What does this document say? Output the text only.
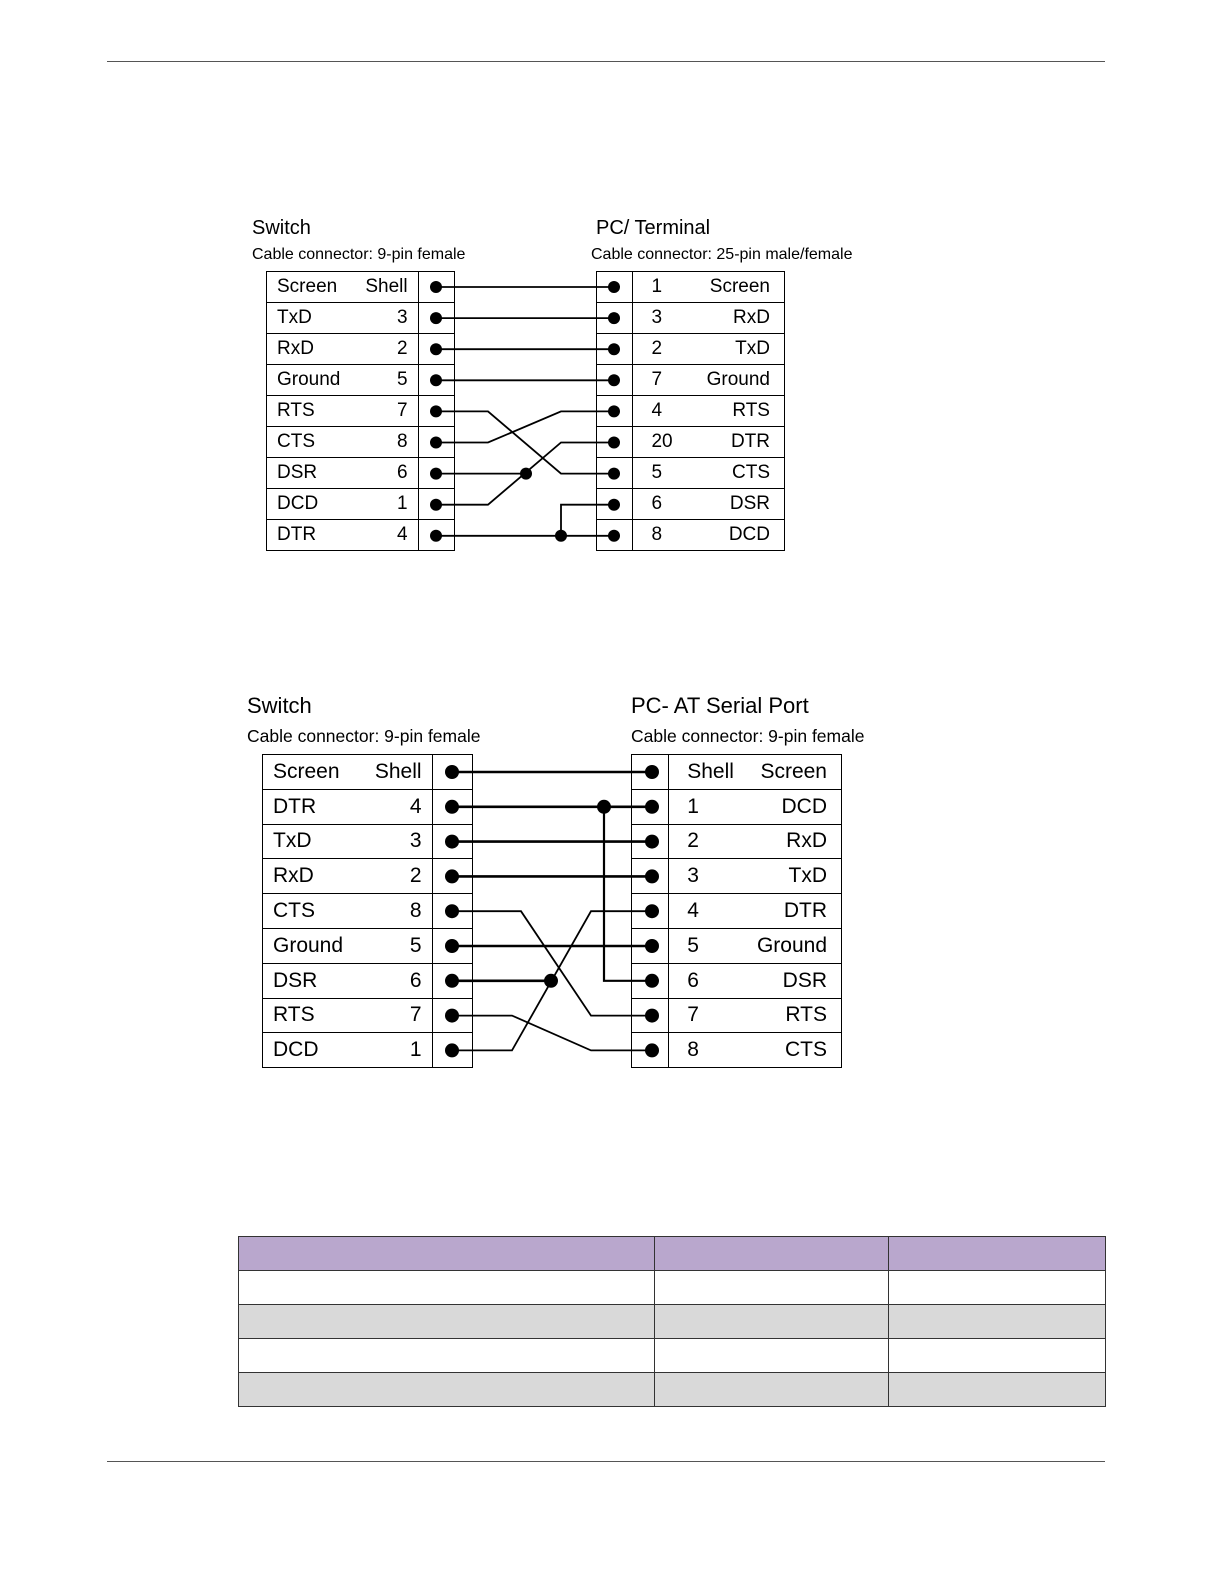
Switch
Cable connector: 9-pin female
PC/ Terminal
Cable connector: 25-pin male/female
Screen	Shell	
TxD	3	
RxD	2	
Ground	5	
RTS	7	
CTS	8	
DSR	6	
DCD	1	
DTR	4	
	1	Screen
	3	RxD
	2	TxD
	7	Ground
	4	RTS
	20	DTR
	5	CTS
	6	DSR
	8	DCD
Switch
Cable connector: 9-pin female
PC- AT Serial Port
Cable connector: 9-pin female
Screen	Shell	
DTR	4	
TxD	3	
RxD	2	
CTS	8	
Ground	5	
DSR	6	
RTS	7	
DCD	1	
	Shell	Screen
	1	DCD
	2	RxD
	3	TxD
	4	DTR
	5	Ground
	6	DSR
	7	RTS
	8	CTS
